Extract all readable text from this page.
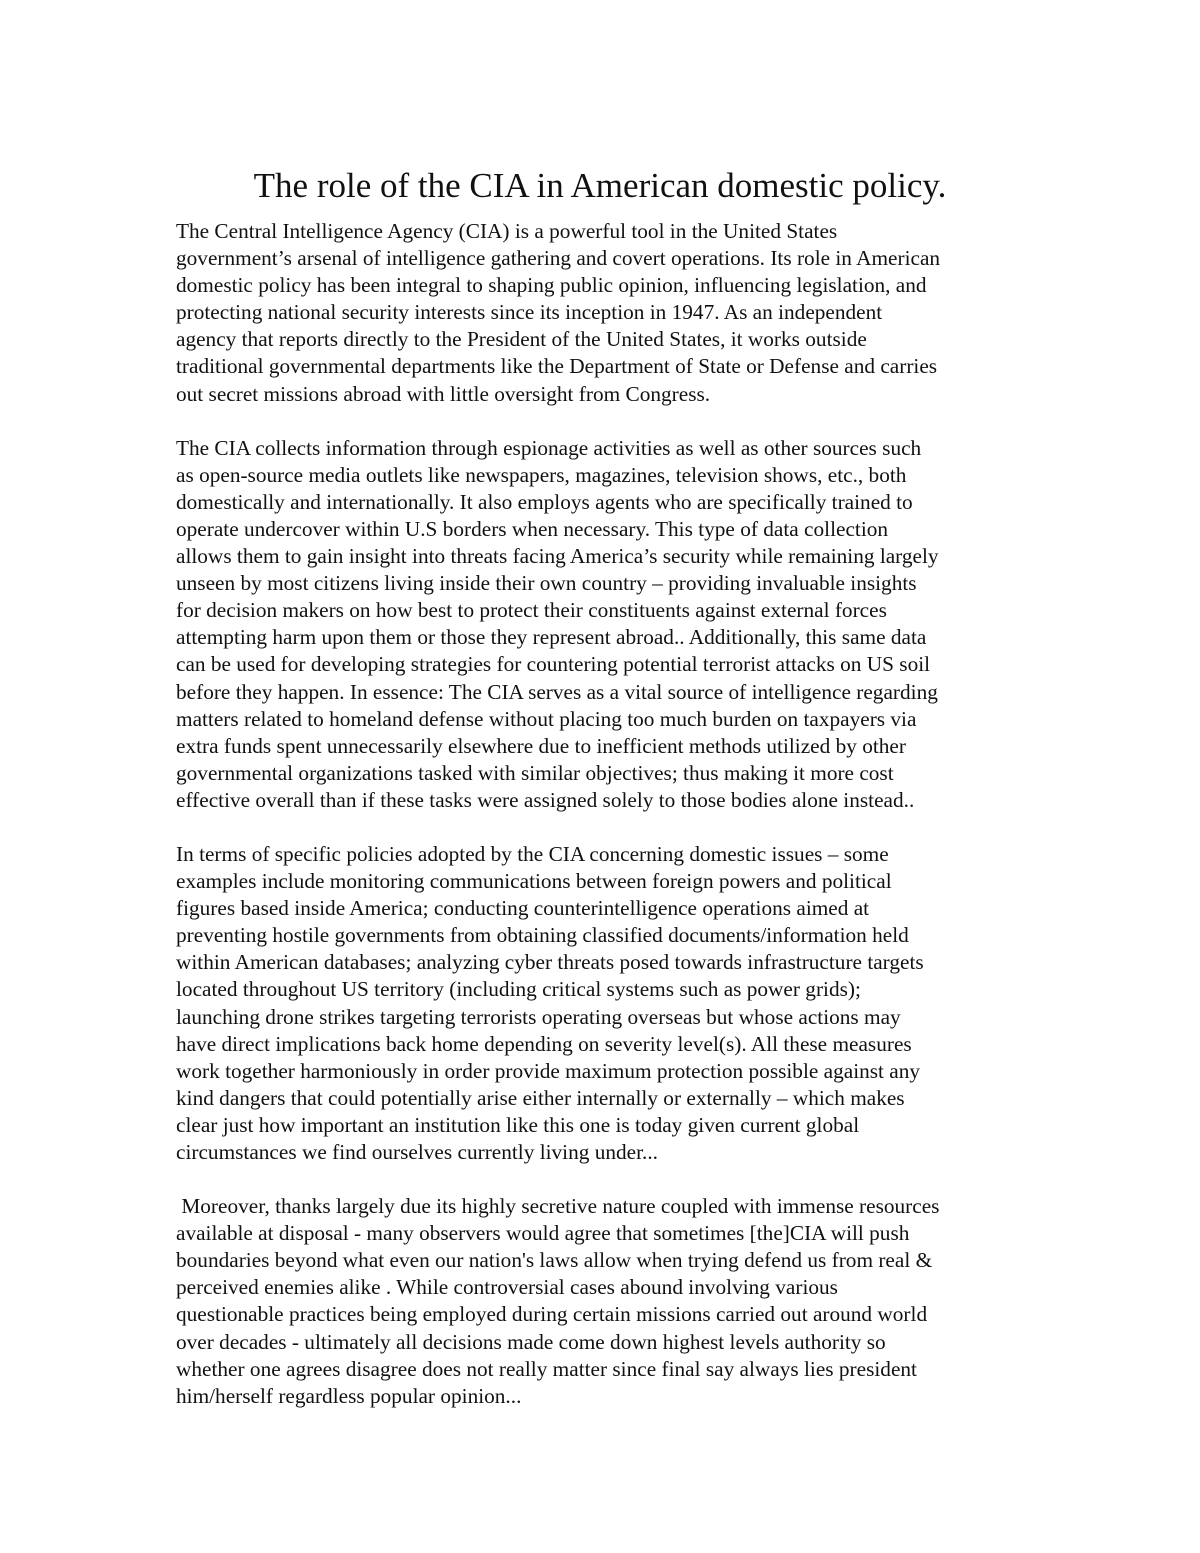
The role of the CIA in American domestic policy.

The Central Intelligence Agency (CIA) is a powerful tool in the United States
government’s arsenal of intelligence gathering and covert operations. Its role in American
domestic policy has been integral to shaping public opinion, influencing legislation, and
protecting national security interests since its inception in 1947. As an independent
agency that reports directly to the President of the United States, it works outside
traditional governmental departments like the Department of State or Defense and carries
out secret missions abroad with little oversight from Congress.

The CIA collects information through espionage activities as well as other sources such
as open-source media outlets like newspapers, magazines, television shows, etc., both
domestically and internationally. It also employs agents who are specifically trained to
operate undercover within U.S borders when necessary. This type of data collection
allows them to gain insight into threats facing America’s security while remaining largely
unseen by most citizens living inside their own country – providing invaluable insights
for decision makers on how best to protect their constituents against external forces
attempting harm upon them or those they represent abroad.. Additionally, this same data
can be used for developing strategies for countering potential terrorist attacks on US soil
before they happen. In essence: The CIA serves as a vital source of intelligence regarding
matters related to homeland defense without placing too much burden on taxpayers via
extra funds spent unnecessarily elsewhere due to inefficient methods utilized by other
governmental organizations tasked with similar objectives; thus making it more cost
effective overall than if these tasks were assigned solely to those bodies alone instead..

In terms of specific policies adopted by the CIA concerning domestic issues – some
examples include monitoring communications between foreign powers and political
figures based inside America; conducting counterintelligence operations aimed at
preventing hostile governments from obtaining classified documents/information held
within American databases; analyzing cyber threats posed towards infrastructure targets
located throughout US territory (including critical systems such as power grids);
launching drone strikes targeting terrorists operating overseas but whose actions may
have direct implications back home depending on severity level(s). All these measures
work together harmoniously in order provide maximum protection possible against any
kind dangers that could potentially arise either internally or externally – which makes
clear just how important an institution like this one is today given current global
circumstances we find ourselves currently living under...

Moreover, thanks largely due its highly secretive nature coupled with immense resources
available at disposal - many observers would agree that sometimes [the]CIA will push
boundaries beyond what even our nation's laws allow when trying defend us from real &
perceived enemies alike . While controversial cases abound involving various
questionable practices being employed during certain missions carried out around world
over decades - ultimately all decisions made come down highest levels authority so
whether one agrees disagree does not really matter since final say always lies president
him/herself regardless popular opinion...
